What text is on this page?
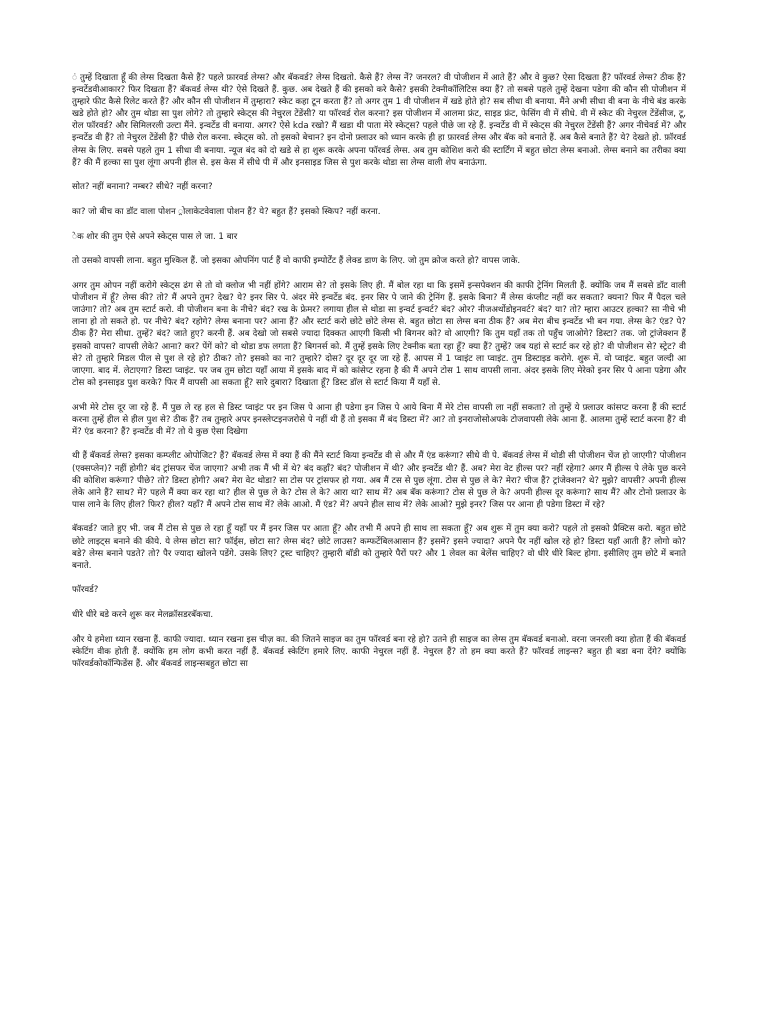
ं तुम्हें दिखाता हूँ की लेग्स दिखता कैसे हैं? पहले फ़ारवर्ड लेग्स? और बॅकवर्ड? लेग्स दिखतो. कैसे हैं? लेग्स नेंं? जनरल? वी पोजीशन में आते हैं? और वे कुछ? ऐसा दिखता हैं? फॉरवर्ड लेग्स? ठीक हैं? इन्वर्टेडवीआकार? फिर दिखता हैं? बॅकवर्ड लेग्स थी? ऐसे दिखते हैं. कुछ. अब देखते हैं की इसको करे कैसे? इसकी टेक्नीकॉलिटिस क्या हैं? तो सबसे पहले तुम्हें देखना पडेगा की कौन सी पोजीशन में तुम्हारे फीट कैसे रिलेट करते हैं? और कौन सी पोजीशन में तुम्हारा? स्केट कहा टून करता हैं? तो अगर तुम 1 वी पोजीशन में खडे होते हो? सब सीधा वी बनाया. मैंने अभी सीधा वी बना के नीचे बंड करके खडे होते हो? और तुम थोडा सा पुश लोगे? तो तुम्हारे स्केट्स की नेचुरल टेंडेंसी? या फॉरवर्ड रोल करना? इस पोजीशन में आलमा फ्रंट, साइड फ्रंट, फेसिंग वी में सीधे. वी में स्केट की नेचुरल टेंडेंसीज, टू, रोल फॉरवर्ड? और सिमिलरली उल्टा मैंने. इन्वर्टेड वी बनाया. अगर? ऐसे kda रखो? मैं खडा थी पाता मेरे स्केट्स? पहले पीछे जा रहे हैं. इन्वर्टेड वी में स्केट्स की नेचुरल टेंडेंसी हैं? अगर नीचेवर्ड में? और इन्वर्टेड वी हैं? तो नेचुरल टेंडेंसी हैं? पीछे रोल करना. स्केट्स को. तो इसको बेचान? इन दोनो फ़्लाउर को ध्यान करके ही हा फ़ारवर्ड लेग्स और बॅक को बनाते हैं. अब कैसे बनाते हैं? ये? देखते हो. फ़ॉरवर्ड लेग्स के लिए. सबसे पहले तुम 1 सीधा वी बनाया. न्यूज बंद को दो खडे से हा शुरू करके अपना फॉरवर्ड लेग्स. अब तुम कोशिश करो की स्टार्टिंग में बहुत छोटा लेग्स बनाओ. लेग्स बनाने का तरीका क्या हैं? की मैं हल्का सा पुश लूंगा अपनी हील से. इस केस में सीधे पी में और इनसाइड जिस से पुश करके थोडा सा लेग्स वाली शेप बनाऊंगा.

सोत? नहीं बनाना? नम्बर? सीधे? नहीं करना?

का? जो बीच का डॉट वाला पोशन ्रोलाकेटवेवाला पोशन हैं? ये? बहुत हैं? इसको स्किप? नहीं करना.

ेक शोर की तुम ऐसे अपने स्केट्स पास ले जा. 1 बार

तो उसको वापसी लाना. बहुत मुश्किल हैं. जो इसका ओपनिंग पार्ट हैं वो काफी इम्पोर्टेंट हैं लेक्ड डाण के लिए. जो तुम क्रोज करते हो? वापस जाके.

अगर तुम ओपन नहीं करोगे स्केट्स ढंग से तो वो क्लोज भी नहीं होंगे? आराम से? तो इसके लिए ही. मैं बोल रहा था कि इसमें इन्सपेक्शन की काफी ट्रेनिंग मिलती हैं. क्योंकि जब मैं सबसे डॉट वाली पोजीशन में हूँ? लेग्स की? तो? मैं अपने तुम? देख? ये? इनर सिर पे. अंदर मेरे इन्वर्टेड बंद. इनर सिर पे जाने की ट्रेनिंग हैं. इसके बिना? मैं लेग्स कंप्लीट नहीं कर सकता? क्यना? फिर मैं पैदल चले जाउंगा? तो? अब तुम स्टार्ट करो. वी पोजीशन बना के नीचे? बंद? रख के फ्रेमर? लगाया हील से थोडा सा इन्वर्ट इन्वर्ट? बंद? ओर? नीजअर्थोडोइनवर्ट? बंद? या? तो? म्हारा आउटर हल्का? सा नीचे भी लाना हो तो सकते हो. पर नीचे? बंद? रहोगे? लेग्स बनाना पर? आना हैं? और स्टार्ट करो छोटे छोटे लेग्स से. बहुत छोटा सा लेग्स बना ठीक हैं? अब मेरा बीच इन्वर्टेड भी बन गया. लेग्स के? एंड? पे? ठीक हैं? मेरा सीधा. तुम्हें? बंद? जाते हुए? करनी हैं. अब देखो जो सबसे ज्यादा दिक्कत आएगी किसी भी बिगनर को? वो आएगी? कि तुम यहाँ तक तो पहुँच जाओगे? डिस्टा? तक. जो ट्रांजेक्शन हैं इसको वापस? वापसी लेके? आना? कर? पेंगें को? वो थोडा डफ लगता हैं? बिगनर्स को. मैं तुम्हें इसके लिए टेक्नीक बता रहा हूँ? क्या हैं? तुम्हें? जब यहां से स्टार्ट कर रहे हो? वी पोजीशन से? स्ट्रेट? वी से? तो तुम्हारे मिडल पील से पुश ले रहे हो? ठीक? तो? इसको का ना? तुम्हारे? दोस? दूर दूर दूर जा रहे हैं. आपस में 1 प्वाइंट ला प्वाइंट. तुम डिस्टाइड करोगे. शुरू में. वो प्वाइंट. बहुत जल्दी आ जाएगा. बाद में. लेटाएगा? डिस्टा प्वाइंट. पर जब तुम छोटा यहाँ आया में इसके बाद में को कांसेप्ट रहना है की मैं अपने टोस 1 साथ वापसी लाना. अंदर इसके लिए मेरेको इनर सिर पे आना पडेगा और टोस को इनसाइड पुश करके? फिर मैं वापसी आ सकता हूँ? सारे दुबारा? दिखाता हूँ? डिस्ट डॉल से स्टार्ट किया मैं यहाँ से.

अभी मेरे टोस दूर जा रहे हैं. मैं पुछ ले रह हल से डिस्ट प्वाइंट पर इन जिस पे आना ही पडेगा इन जिस पे आये बिना मैं मेरे टोस वापसी ला नहीं सकता? तो तुम्हें ये फ़्लाउर कांसप्ट करना हैं की स्टार्ट करना तुम्हें हील से हील पुश से? ठीक हैं? तब तुम्हारे अपर इनस्लेप्टइनजरोसे पे नहीं थी हैं तो इसका मैं बंद डिस्टा में? आ? तो इनराजोसोअपके टोजवापसी लेके आना हैं. आलमा तुम्हें स्टार्ट करना हैं? वी में? एंड करना? हैं? इन्वर्टेड वी में? तो ये कुछ ऐसा दिखेगा

थी हैं बॅकवर्ड लेग्स? इसका कम्प्लीट ओपोजिट? हैं? बॅकवर्ड लेग्स में क्या हैं की मैंने स्टार्ट किया इन्वर्टेड वी से और मैं एंड करूंगा? सीधे वी पे. बॅकवर्ड लेग्स में थोडी सी पोजीशन चेंज हो जाएगी? पोजीशन (एक्सप्लेन)? नहीं होगी? बंद ट्रांसफर चेंज जाएगा? अभी तक मैं भी में थे? बंद कहाँ? बंद? पोजीशन में थी? और इन्वर्टेड थी? हैं. अब? मेरा वेट हील्स पर? नहीं रहेगा? अगर मैं हील्स पे लेके पुछ करने की कोशिश करूंगा? पीछे? तो? डिस्टा होगी? अब? मेरा वेट थोडा? सा टोस पर ट्रांसफर हो गया. अब मैं टस से पुछ लूंगा. टोस से पुछ ले के? मेरा? चीज हैं? ट्रांजेक्शन? थे? मुझे? वापसी? अपनी हील्स लेके आने हैं? साथ? में? पहले मैं क्या कर रहा था? हील से पुछ ले के? टोस ले के? आरा था? साथ में? अब बॅक करूंगा? टोस से पुछ ले के? अपनी हील्स दूर करूंगा? साथ मैं? और टोनो फ़्लाउर के पास लाने के लिए हील? फिर? हील? यहाँ? मैं अपने टोस साथ में? लेके आओ. मैं एंड? में? अपने हील साथ में? लेके आओ? मुझे इनर? जिस पर आना ही पडेगा डिस्टा में रहे?

बॅकवर्ड? जाते हुए भी. जब मैं टोस से पुछ ले रहा हूँ यहाँ पर मैं इनर जिस पर आता हूँ? और तभी मैं अपने ही साथ ला सकता हूँ? अब शुरू में तुम क्या करो? पहले तो इसको प्रैक्टिस करो. बहुत छोटे छोटे लाइट्स बनाने की कीये. ये लेग्स छोटा सा? फॉर्ड्स, छोटा सा? लेग्स बंद? छोटे लाउस? कम्फर्टेबिलआसान हैं? इसमें? इसने ज्यादा? अपने पैर नहीं खोल रहे हो? डिस्टा यहाँ आती हैं? लोगो को? बडे? लेग्स बनाने पडते? तो? पैर ज्यादा खोलने पडेंगे. उसके लिए? ट्रस्ट चाहिए? तुम्हारी बॉडी को तुम्हारे पैरों पर? और 1 लेवल का बेलेंस चाहिए? वो धीरे धीरे बिल्ट होगा. इसीलिए तुम छोटे में बनाते बनाते.

फॉरवर्ड?

धीरे धीरे बडे करने शुरू कर मेलक्रॉसडरबॅकचा.

और ये हमेशा ध्यान रखना हैं. काफी ज्यादा. ध्यान रखना इस चीज़ का. की जितने साइज का तुम फॉरवर्ड बना रहे हो? उतने ही साइज का लेग्स तुम बॅकवर्ड बनाओ. वरना जनरली क्या होता हैं की बॅकवर्ड स्केटिंग वीक होती हैं. क्योंकि हम लोग कभी करत नहीं हैं. बॅकवर्ड स्केटिंग हमारे लिए. काफी नेचुरल नहीं हैं. नेचुरल हैं? तो हम क्या करते हैं? फॉरवर्ड लाइन्स? बहुत ही बडा बना देंगे? क्योंकि फॉरवर्डकोकॉन्फिडेंस हैं. और बॅकवर्ड लाइन्सबहुत छोटा सा
